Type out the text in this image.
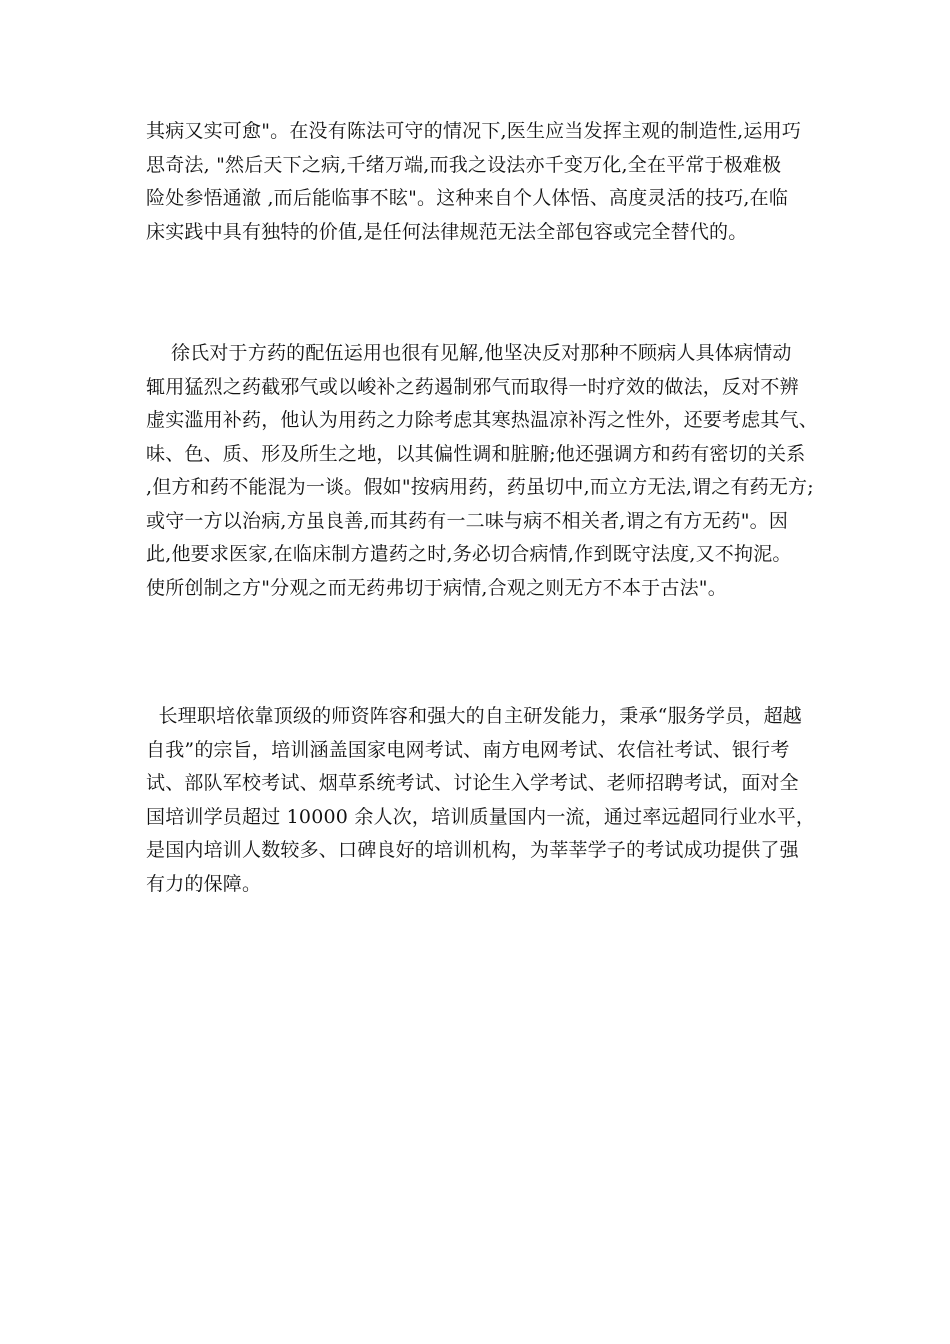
其病又实可愈"。在没有陈法可守的情况下,医生应当发挥主观的制造性,运用巧
思奇法, "然后天下之病,千绪万端,而我之设法亦千变万化,全在平常于极难极
险处参悟通澈 ,而后能临事不眩"。这种来自个人体悟、高度灵活的技巧,在临
床实践中具有独特的价值,是任何法律规范无法全部包容或完全替代的。
徐氏对于方药的配伍运用也很有见解,他坚决反对那种不顾病人具体病情动
辄用猛烈之药截邪气或以峻补之药遏制邪气而取得一时疗效的做法，反对不辨
虚实滥用补药，他认为用药之力除考虑其寒热温凉补泻之性外，还要考虑其气、
味、色、质、形及所生之地，以其偏性调和脏腑;他还强调方和药有密切的关系
,但方和药不能混为一谈。假如"按病用药，药虽切中,而立方无法,谓之有药无方;
或守一方以治病,方虽良善,而其药有一二味与病不相关者,谓之有方无药"。因
此,他要求医家,在临床制方遣药之时,务必切合病情,作到既守法度,又不拘泥。
使所创制之方"分观之而无药弗切于病情,合观之则无方不本于古法"。
长理职培依靠顶级的师资阵容和强大的自主研发能力，秉承“服务学员，超越
自我”的宗旨，培训涵盖国家电网考试、南方电网考试、农信社考试、银行考
试、部队军校考试、烟草系统考试、讨论生入学考试、老师招聘考试，面对全
国培训学员超过 10000 余人次，培训质量国内一流，通过率远超同行业水平，
是国内培训人数较多、口碑良好的培训机构，为莘莘学子的考试成功提供了强
有力的保障。
